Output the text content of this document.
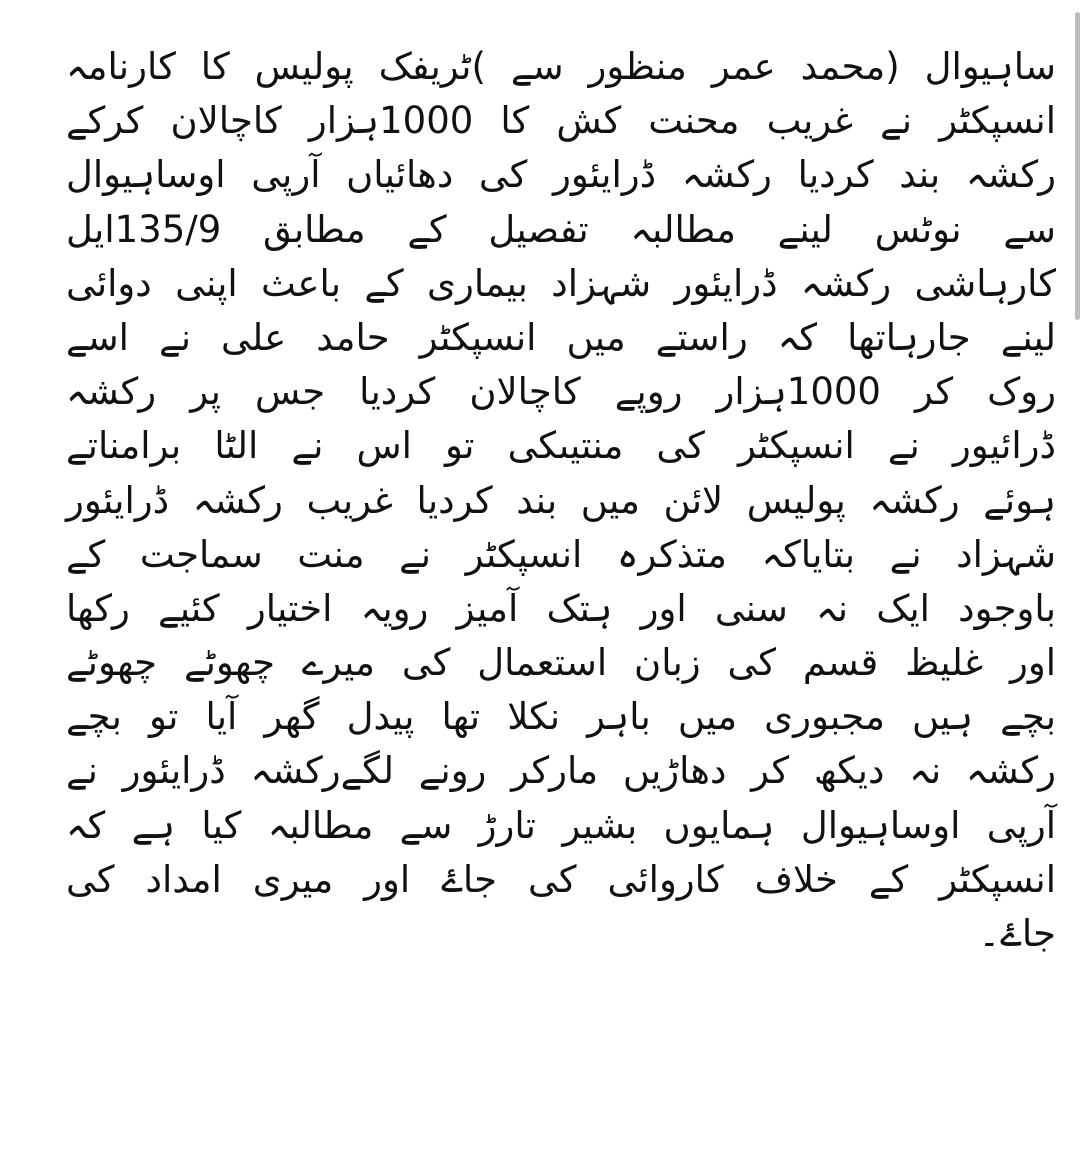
ساہیوال (محمد عمر منظور سے )ٹریفک پولیس کا کارنامہ
انسپکٹر نے غریب محنت کش کا 1000ہزار کاچالان کرکے
رکشہ بند کردیا رکشہ ڈرایئور کی دھائیاں آرپی اوساہیوال
سے نوٹس لینے مطالبہ تفصیل کے مطابق 135/9ایل
کارہاشی رکشہ ڈرایئور شہزاد بیماری کے باعث اپنی دوائی
لینے جارہاتھا کہ راستے میں انسپکٹر حامد علی نے اسے
روک کر 1000ہزار روپے کاچالان کردیا جس پر رکشہ
ڈرائیور نے انسپکٹر کی منتیںکی تو اس نے الٹا برامناتے
ہوئے رکشہ پولیس لائن میں بند کردیا غریب رکشہ ڈرایئور
شہزاد نے بتایاکہ متذکرہ انسپکٹر نے منت سماجت کے
باوجود ایک نہ سنی اور ہتک آمیز رویہ اختیار کئیے رکھا
اور غلیظ قسم کی زبان استعمال کی میرے چھوٹے چھوٹے
بچے ہیں مجبوری میں باہر نکلا تھا پیدل گھر آیا تو بچے
رکشہ نہ دیکھ کر دھاڑیں مارکر رونے لگےرکشہ ڈرایئور نے
آرپی اوساہیوال ہمایوں بشیر تارڑ سے مطالبہ کیا ہے کہ
انسپکٹر کے خلاف کاروائی کی جاۓ اور میری امداد کی
جاۓ۔
